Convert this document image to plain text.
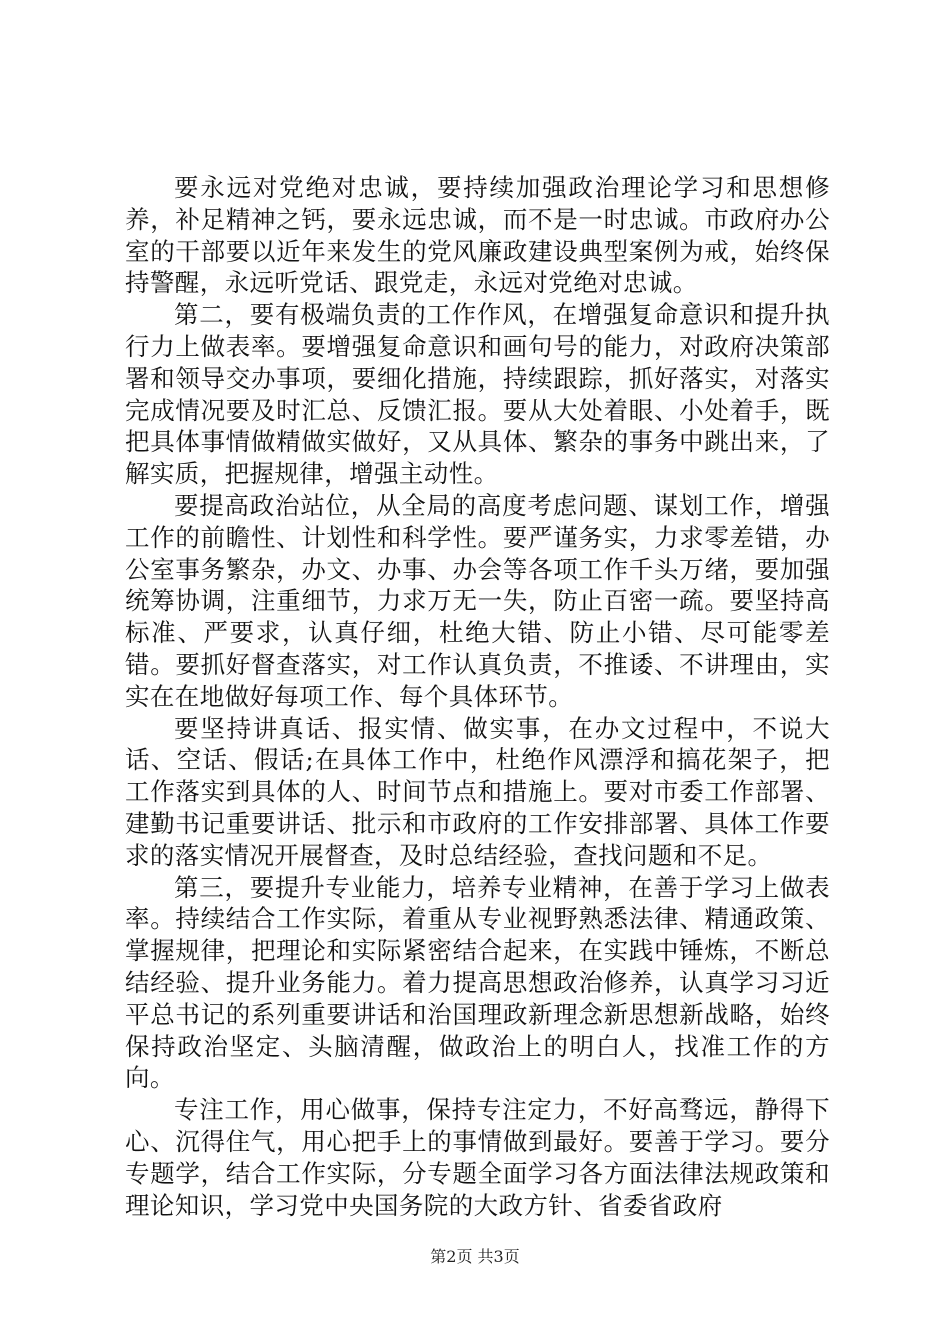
要永远对党绝对忠诚，要持续加强政治理论学习和思想修养，补足精神之钙，要永远忠诚，而不是一时忠诚。市政府办公室的干部要以近年来发生的党风廉政建设典型案例为戒，始终保持警醒，永远听党话、跟党走，永远对党绝对忠诚。

第二，要有极端负责的工作作风，在增强复命意识和提升执行力上做表率。要增强复命意识和画句号的能力，对政府决策部署和领导交办事项，要细化措施，持续跟踪，抓好落实，对落实完成情况要及时汇总、反馈汇报。要从大处着眼、小处着手，既把具体事情做精做实做好，又从具体、繁杂的事务中跳出来，了解实质，把握规律，增强主动性。

要提高政治站位，从全局的高度考虑问题、谋划工作，增强工作的前瞻性、计划性和科学性。要严谨务实，力求零差错，办公室事务繁杂，办文、办事、办会等各项工作千头万绪，要加强统筹协调，注重细节，力求万无一失，防止百密一疏。要坚持高标准、严要求，认真仔细，杜绝大错、防止小错、尽可能零差错。要抓好督查落实，对工作认真负责，不推诿、不讲理由，实实在在地做好每项工作、每个具体环节。

要坚持讲真话、报实情、做实事，在办文过程中，不说大话、空话、假话;在具体工作中，杜绝作风漂浮和搞花架子，把工作落实到具体的人、时间节点和措施上。要对市委工作部署、建勤书记重要讲话、批示和市政府的工作安排部署、具体工作要求的落实情况开展督查，及时总结经验，查找问题和不足。

第三，要提升专业能力，培养专业精神，在善于学习上做表率。持续结合工作实际，着重从专业视野熟悉法律、精通政策、掌握规律，把理论和实际紧密结合起来，在实践中锤炼，不断总结经验、提升业务能力。着力提高思想政治修养，认真学习习近平总书记的系列重要讲话和治国理政新理念新思想新战略，始终保持政治坚定、头脑清醒，做政治上的明白人，找准工作的方向。

专注工作，用心做事，保持专注定力，不好高骛远，静得下心、沉得住气，用心把手上的事情做到最好。要善于学习。要分专题学，结合工作实际，分专题全面学习各方面法律法规政策和理论知识，学习党中央国务院的大政方针、省委省政府

第2页 共3页
